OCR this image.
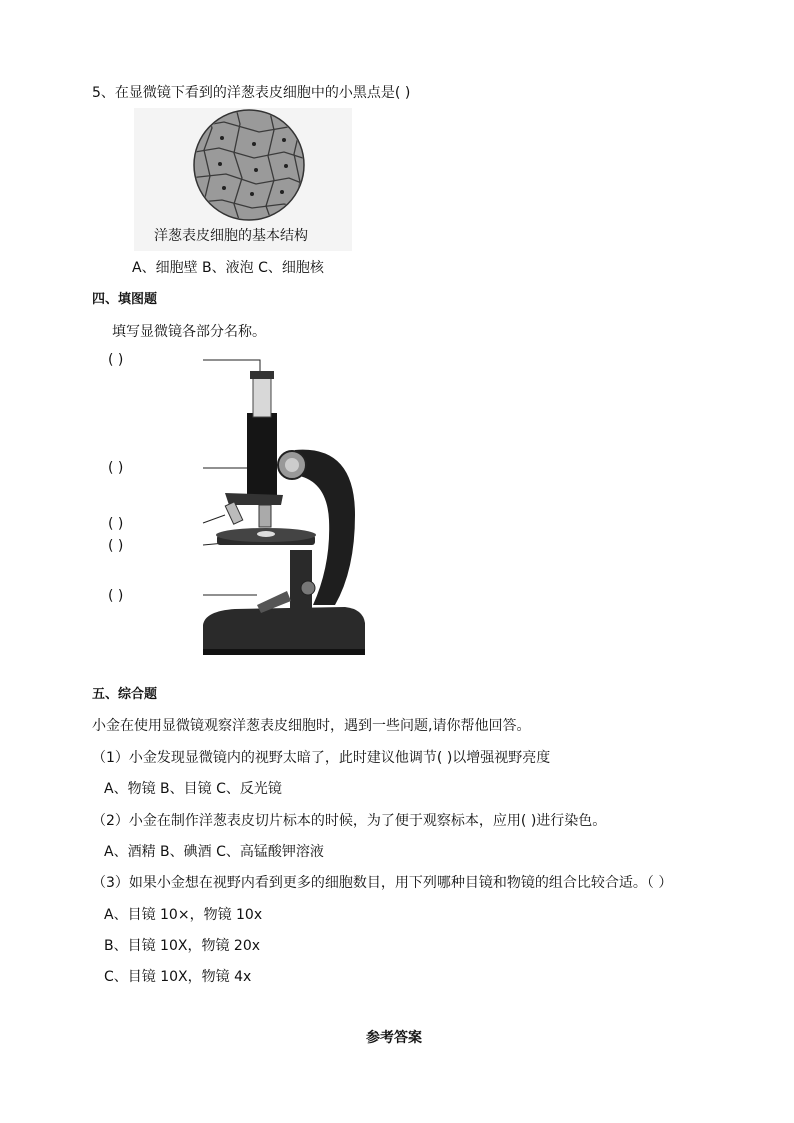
5、在显微镜下看到的洋葱表皮细胞中的小黑点是( )
洋葱表皮细胞的基本结构
A、细胞壁 B、液泡 C、细胞核
四、填图题
填写显微镜各部分名称。
( )
( )
( )
( )
( )
五、综合题
小金在使用显微镜观察洋葱表皮细胞时，遇到一些问题,请你帮他回答。
（1）小金发现显微镜内的视野太暗了，此时建议他调节( )以增强视野亮度
A、物镜 B、目镜 C、反光镜
（2）小金在制作洋葱表皮切片标本的时候，为了便于观察标本，应用( )进行染色。
A、酒精 B、碘酒 C、高锰酸钾溶液
（3）如果小金想在视野内看到更多的细胞数目，用下列哪种目镜和物镜的组合比较合适。（ ）
A、目镜 10×，物镜 10x
B、目镜 10X，物镜 20x
C、目镜 10X，物镜 4x
参考答案
